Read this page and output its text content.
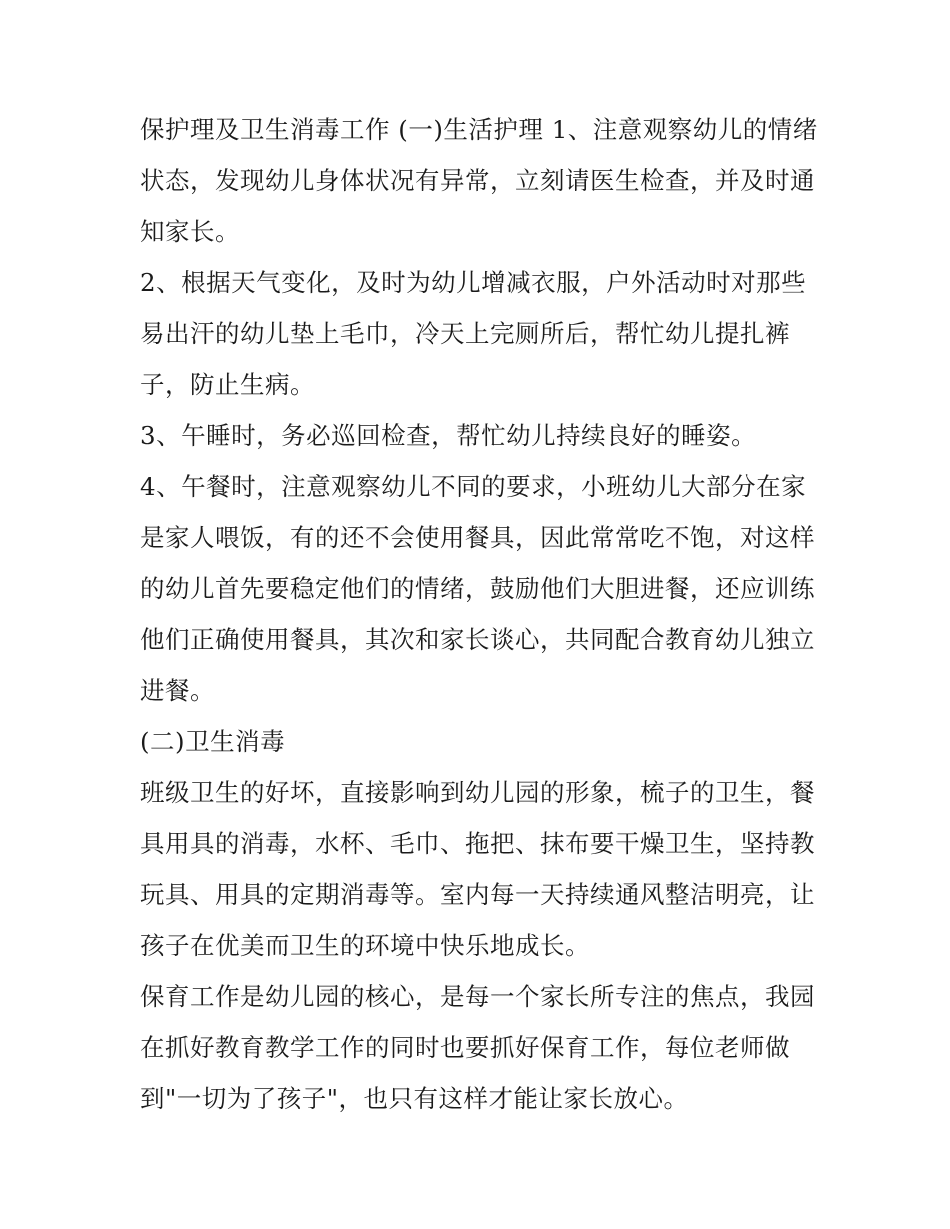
保护理及卫生消毒工作 (一)生活护理 1、注意观察幼儿的情绪状态，发现幼儿身体状况有异常，立刻请医生检查，并及时通知家长。

2、根据天气变化，及时为幼儿增减衣服，户外活动时对那些易出汗的幼儿垫上毛巾，冷天上完厕所后，帮忙幼儿提扎裤子，防止生病。

3、午睡时，务必巡回检查，帮忙幼儿持续良好的睡姿。

4、午餐时，注意观察幼儿不同的要求，小班幼儿大部分在家是家人喂饭，有的还不会使用餐具，因此常常吃不饱，对这样的幼儿首先要稳定他们的情绪，鼓励他们大胆进餐，还应训练他们正确使用餐具，其次和家长谈心，共同配合教育幼儿独立进餐。

(二)卫生消毒

班级卫生的好坏，直接影响到幼儿园的形象，梳子的卫生，餐具用具的消毒，水杯、毛巾、拖把、抹布要干燥卫生，坚持教玩具、用具的定期消毒等。室内每一天持续通风整洁明亮，让孩子在优美而卫生的环境中快乐地成长。

保育工作是幼儿园的核心，是每一个家长所专注的焦点，我园在抓好教育教学工作的同时也要抓好保育工作，每位老师做到"一切为了孩子"，也只有这样才能让家长放心。
